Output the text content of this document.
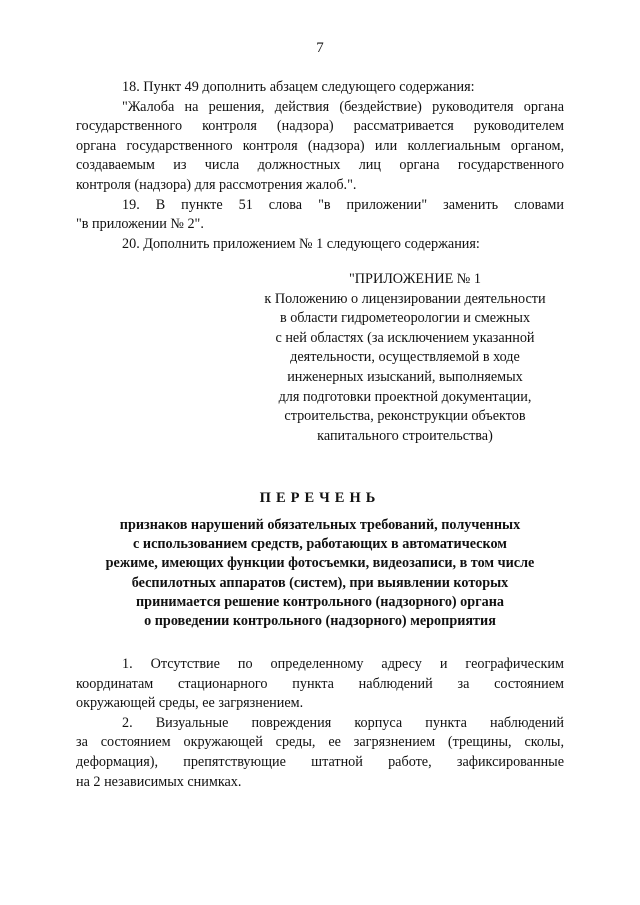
7

18. Пункт 49 дополнить абзацем следующего содержания:

"Жалоба на решения, действия (бездействие) руководителя органа
государственного контроля (надзора) рассматривается руководителем
органа государственного контроля (надзора) или коллегиальным органом,
создаваемым из числа должностных лиц органа государственного
контроля (надзора) для рассмотрения жалоб.".

19. В пункте 51 слова "в приложении" заменить словами
"в приложении № 2".

20. Дополнить приложением № 1 следующего содержания:

"ПРИЛОЖЕНИЕ № 1
к Положению о лицензировании деятельности
в области гидрометеорологии и смежных
с ней областях (за исключением указанной
деятельности, осуществляемой в ходе
инженерных изысканий, выполняемых
для подготовки проектной документации,
строительства, реконструкции объектов
капитального строительства)
ПЕРЕЧЕНЬ
признаков нарушений обязательных требований, полученных
с использованием средств, работающих в автоматическом
режиме, имеющих функции фотосъемки, видеозаписи, в том числе
беспилотных аппаратов (систем), при выявлении которых
принимается решение контрольного (надзорного) органа
о проведении контрольного (надзорного) мероприятия

1. Отсутствие по определенному адресу и географическим
координатам стационарного пункта наблюдений за состоянием
окружающей среды, ее загрязнением.

2. Визуальные повреждения корпуса пункта наблюдений
за состоянием окружающей среды, ее загрязнением (трещины, сколы,
деформация), препятствующие штатной работе, зафиксированные
на 2 независимых снимках.
